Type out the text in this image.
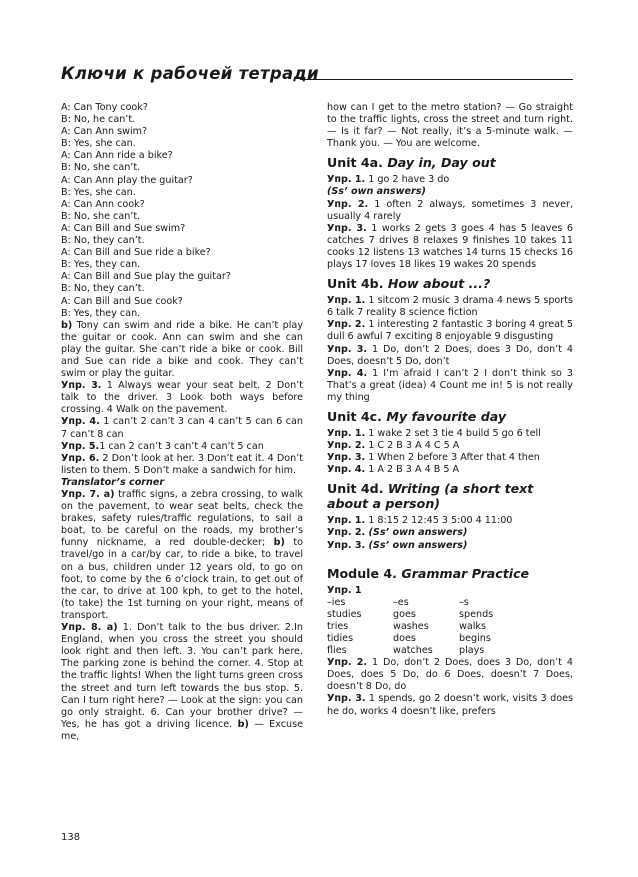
Ключи к рабочей тетради
A: Can Tony cook?
B: No, he can’t.
A: Can Ann swim?
B: Yes, she can.
A: Can Ann ride a bike?
B: No, she can’t.
A: Can Ann play the guitar?
B: Yes, she can.
A: Can Ann cook?
B: No, she can’t.
A: Can Bill and Sue swim?
B: No, they can’t.
A: Can Bill and Sue ride a bike?
B: Yes, they can.
A: Can Bill and Sue play the guitar?
B: No, they can’t.
A: Can Bill and Sue cook?
B: Yes, they can.

b) Tony can swim and ride a bike. He can’t play the guitar or cook. Ann can swim and she can play the guitar. She can’t ride a bike or cook. Bill and Sue can ride a bike and cook. They can’t swim or play the guitar.

Упр. 3. 1 Always wear your seat belt. 2 Don’t talk to the driver. 3 Look both ways before crossing. 4 Walk on the pavement.

Упр. 4. 1 can’t 2 can’t 3 can 4 can’t 5 can 6 can 7 can’t 8 can

Упр. 5.1 can 2 can’t 3 can’t 4 can’t 5 can

Упр. 6. 2 Don’t look at her. 3 Don’t eat it. 4 Don’t listen to them. 5 Don’t make a sandwich for him.

Translator’s corner

Упр. 7. a) traffic signs, a zebra crossing, to walk on the pavement, to wear seat belts, check the brakes, safety rules/traffic regulations, to sail a boat, to be careful on the roads, my brother’s funny nickname, a red double-decker; b) to travel/go in a car/by car, to ride a bike, to travel on a bus, children under 12 years old, to go on foot, to come by the 6 o’clock train, to get out of the car, to drive at 100 kph, to get to the hotel, (to take) the 1st turning on your right, means of transport.

Упр. 8. a) 1. Don’t talk to the bus driver. 2.In England, when you cross the street you should look right and then left. 3. You can’t park here. The parking zone is behind the corner. 4. Stop at the traffic lights! When the light turns green cross the street and turn left towards the bus stop. 5. Can I turn right here? — Look at the sign: you can go only straight. 6. Can your brother drive? — Yes, he has got a driving licence. b) — Excuse me,

how can I get to the metro station? — Go straight to the traffic lights, cross the street and turn right. — Is it far? — Not really, it’s a 5-minute walk. — Thank you. — You are welcome.

Unit 4a. Day in, Day out

Упр. 1. 1 go 2 have 3 do

(Ss’ own answers)

Упр. 2. 1 often 2 always, sometimes 3 never, usually 4 rarely

Упр. 3. 1 works 2 gets 3 goes 4 has 5 leaves 6 catches 7 drives 8 relaxes 9 finishes 10 takes 11 cooks 12 listens 13 watches 14 turns 15 checks 16 plays 17 loves 18 likes 19 wakes 20 spends

Unit 4b. How about ...?

Упр. 1. 1 sitcom 2 music 3 drama 4 news 5 sports 6 talk 7 reality 8 science fiction

Упр. 2. 1 interesting 2 fantastic 3 boring 4 great 5 dull 6 awful 7 exciting 8 enjoyable 9 disgusting

Упр. 3. 1 Do, don’t 2 Does, does 3 Do, don’t 4 Does, doesn’t 5 Do, don’t

Упр. 4. 1 I’m afraid I can’t 2 I don’t think so 3 That’s a great (idea) 4 Count me in! 5 is not really my thing

Unit 4c. My favourite day

Упр. 1. 1 wake 2 set 3 tie 4 build 5 go 6 tell

Упр. 2. 1 C 2 B 3 A 4 C 5 A

Упр. 3. 1 When 2 before 3 After that 4 then

Упр. 4. 1 A 2 B 3 A 4 B 5 A

Unit 4d. Writing (a short text about a person)

Упр. 1. 1 8:15 2 12:45 3 5:00 4 11:00

Упр. 2. (Ss’ own answers)

Упр. 3. (Ss’ own answers)

Module 4. Grammar Practice

Упр. 1

–ies	–es	–s
studies	goes	spends
tries	washes	walks
tidies	does	begins
flies	watches	plays

Упр. 2. 1 Do, don’t 2 Does, does 3 Do, don’t 4 Does, does 5 Do, do 6 Does, doesn’t 7 Does, doesn’t 8 Do, do

Упр. 3. 1 spends, go 2 doesn’t work, visits 3 does he do, works 4 doesn’t like, prefers

138
